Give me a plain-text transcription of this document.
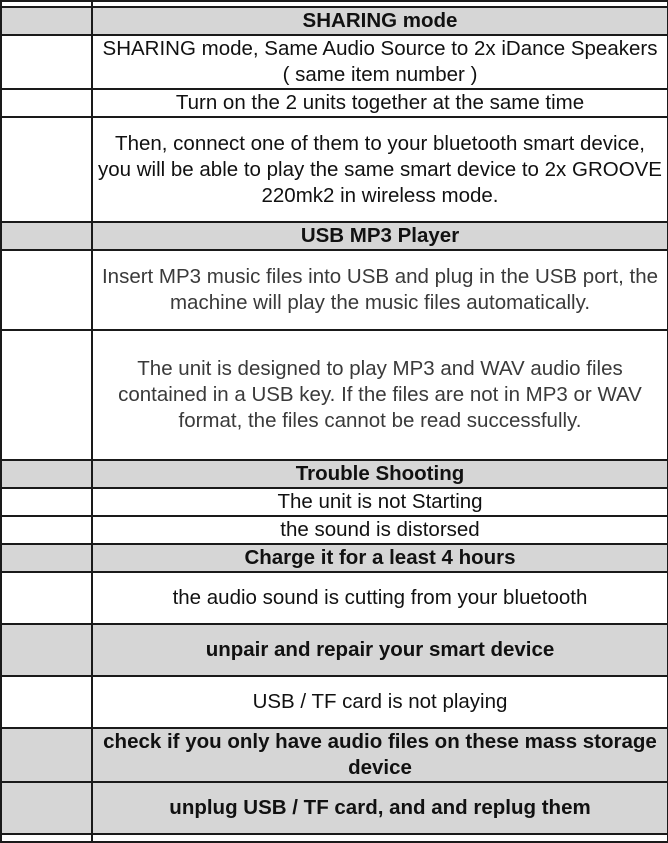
	SHARING mode
	SHARING mode, Same Audio Source to 2x iDance Speakers ( same item number )
	Turn on the 2 units together at the same time
	Then, connect one of them to your bluetooth smart device, you will be able to play the same smart device to 2x GROOVE 220mk2 in wireless mode.
	USB MP3 Player
	Insert MP3 music files into USB and plug in the USB port, the machine will play the music files automatically.
	The unit is designed to play MP3 and WAV audio files contained in a USB key. If the files are not in MP3 or WAV format, the files cannot be read successfully.
	Trouble Shooting
	The unit is not Starting
	the sound is distorsed
	Charge it for a least 4 hours
	the audio sound is cutting from your bluetooth
	unpair and repair your smart device
	USB / TF card is not playing
	check if you only have audio files on these mass storage device
	unplug USB / TF card, and and replug them
